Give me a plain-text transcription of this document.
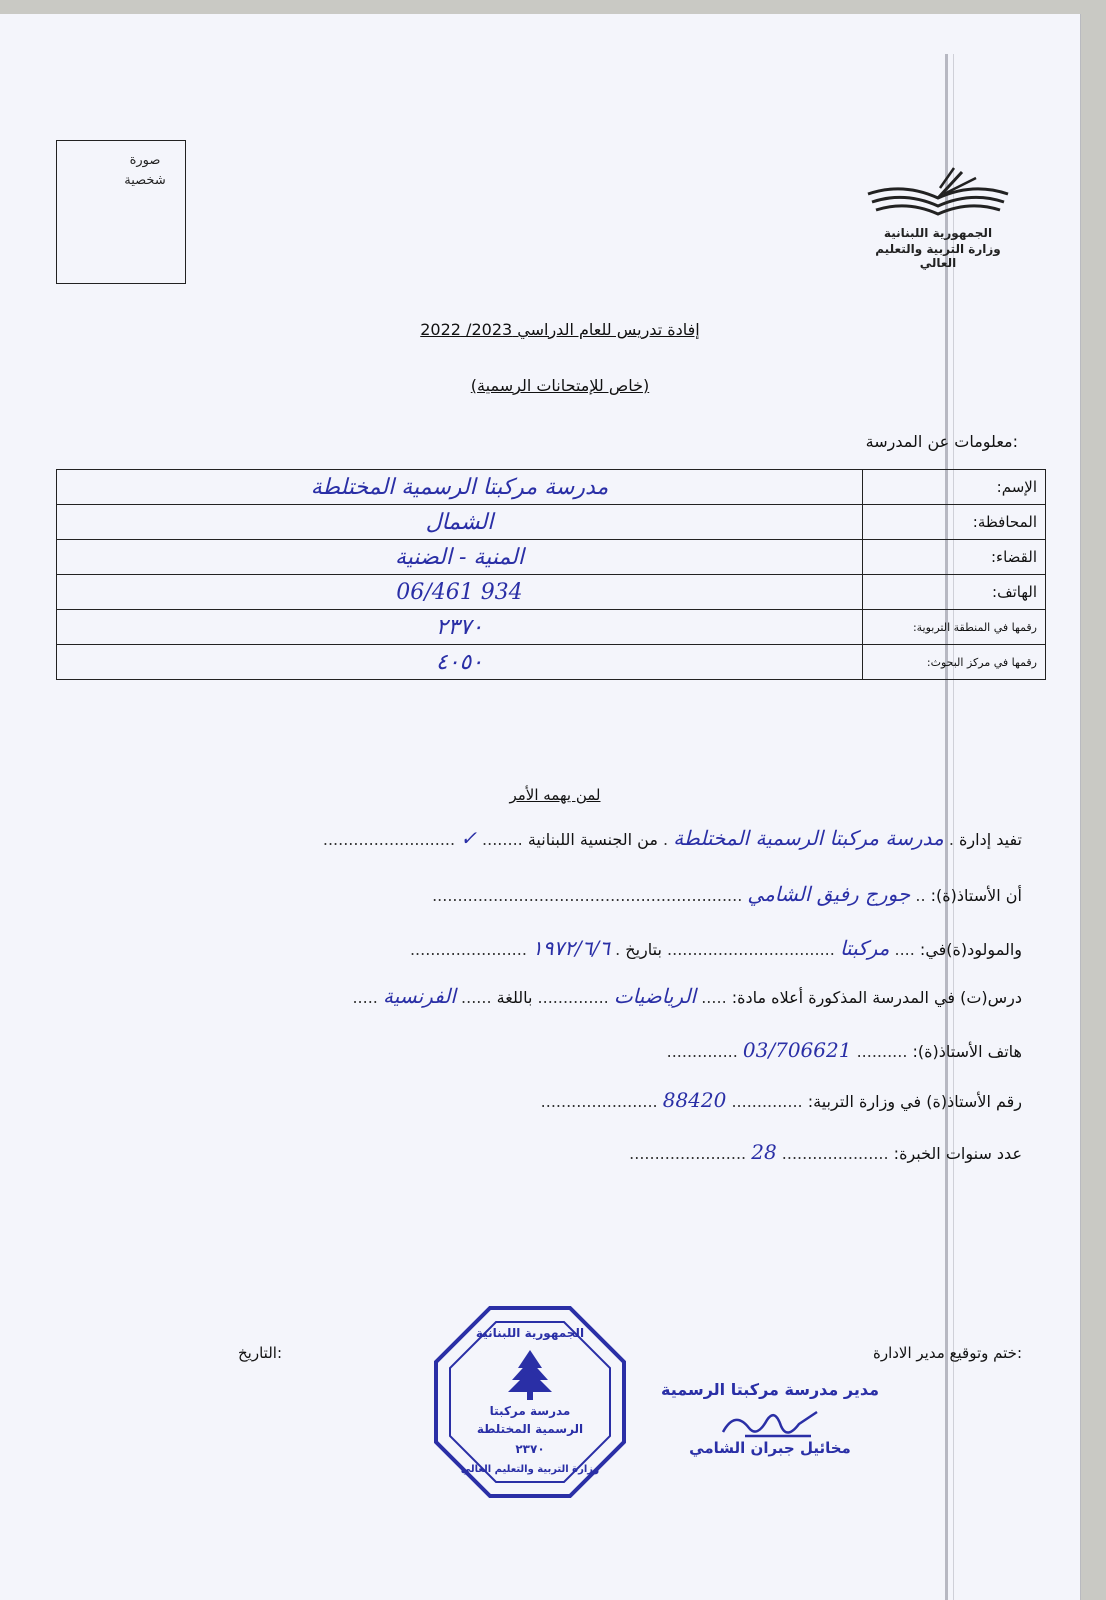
صورة شخصية
الجمهورية اللبنانية
وزارة التربية والتعليم العالي
إفادة تدريس للعام الدراسي 2023/ 2022
(خاص للإمتحانات الرسمية)
معلومات عن المدرسة:
مدرسة مركبتا الرسمية المختلطة	الإسم:
الشمال	المحافظة:
المنية - الضنية	القضاء:
06/461 934	الهاتف:
٢٣٧٠	رقمها في المنطقة التربوية:
٤٠٥٠	رقمها في مركز البحوث:
لمن يهمه الأمر
تفيد إدارة . مدرسة مركبتا الرسمية المختلطة . من الجنسية اللبنانية ........ ✓ ..........................
أن الأستاذ(ة): .. جورج رفيق الشامي .............................................................
والمولود(ة)في: .... مركبتا ................................. بتاريخ . ١٩٧٢/٦/٦ .......................
درس(ت) في المدرسة المذكورة أعلاه مادة: ..... الرياضيات .............. باللغة ...... الفرنسية .....
هاتف الأستاذ(ة): .......... 03/706621 ..............
رقم الأستاذ(ة) في وزارة التربية: .............. 88420 .......................
عدد سنوات الخبرة: ..................... 28 .......................
ختم وتوقيع مدير الادارة:
التاريخ:
الجمهورية اللبنانية
مدرسة مركبتا
الرسمية المختلطة
٢٣٧٠
وزارة التربية والتعليم العالي
مدير مدرسة مركبتا الرسمية
مخائيل جبران الشامي
